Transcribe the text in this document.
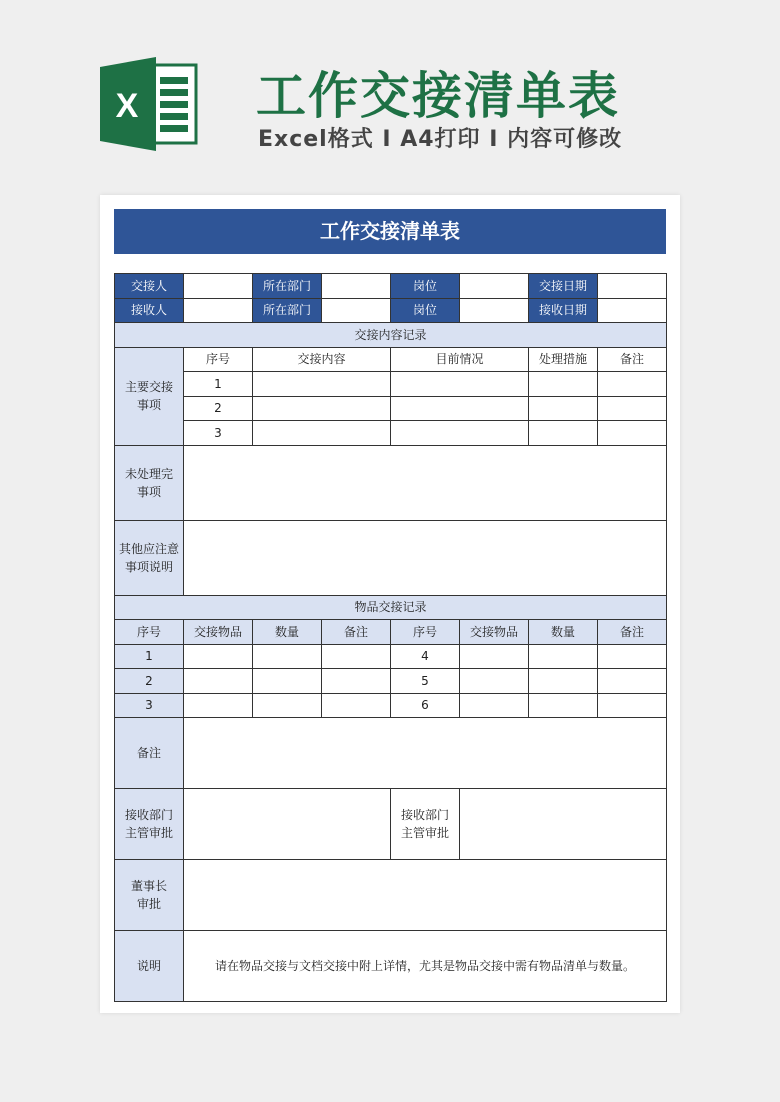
X 工作交接清单表
Excel格式 I A4打印 I 内容可修改
工作交接清单表
交接人		所在部门		岗位		交接日期	
接收人		所在部门		岗位		接收日期	
交接内容记录							
主要交接事项	序号	交接内容		目前情况		处理措施	备注
	1						
	2						
	3						
未处理完事项							
其他应注意事项说明							
物品交接记录							
序号	交接物品	数量	备注	序号	交接物品	数量	备注
1				4			
2				5			
3				6			
备注							
接收部门主管审批				接收部门主管审批			
董事长审批							
说明	请在物品交接与文档交接中附上详情，尤其是物品交接中需有物品清单与数量。						
